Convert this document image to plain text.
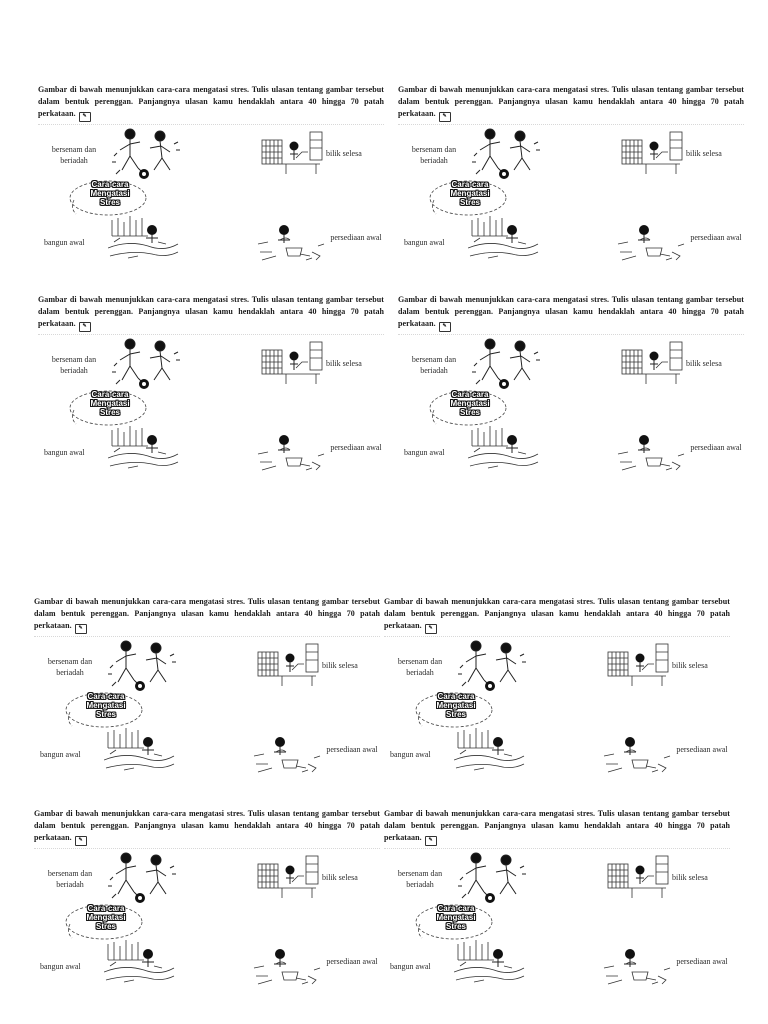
Gambar di bawah menunjukkan cara-cara mengatasi stres. Tulis ulasan tentang gambar tersebut dalam bentuk perenggan. Panjangnya ulasan kamu hendaklah antara 40 hingga 70 patah perkataan. ✎
Cara-cara
Mengatasi
Stres
bersenam dan beriadah
bilik selesa
bangun awal
persediaan awal
Gambar di bawah menunjukkan cara-cara mengatasi stres. Tulis ulasan tentang gambar tersebut dalam bentuk perenggan. Panjangnya ulasan kamu hendaklah antara 40 hingga 70 patah perkataan. ✎
Cara-cara
Mengatasi
Stres
bersenam dan beriadah
bilik selesa
bangun awal
persediaan awal
Gambar di bawah menunjukkan cara-cara mengatasi stres. Tulis ulasan tentang gambar tersebut dalam bentuk perenggan. Panjangnya ulasan kamu hendaklah antara 40 hingga 70 patah perkataan. ✎
Cara-cara
Mengatasi
Stres
bersenam dan beriadah
bilik selesa
bangun awal
persediaan awal
Gambar di bawah menunjukkan cara-cara mengatasi stres. Tulis ulasan tentang gambar tersebut dalam bentuk perenggan. Panjangnya ulasan kamu hendaklah antara 40 hingga 70 patah perkataan. ✎
Cara-cara
Mengatasi
Stres
bersenam dan beriadah
bilik selesa
bangun awal
persediaan awal
Gambar di bawah menunjukkan cara-cara mengatasi stres. Tulis ulasan tentang gambar tersebut dalam bentuk perenggan. Panjangnya ulasan kamu hendaklah antara 40 hingga 70 patah perkataan. ✎
Cara-cara
Mengatasi
Stres
bersenam dan beriadah
bilik selesa
bangun awal
persediaan awal
Gambar di bawah menunjukkan cara-cara mengatasi stres. Tulis ulasan tentang gambar tersebut dalam bentuk perenggan. Panjangnya ulasan kamu hendaklah antara 40 hingga 70 patah perkataan. ✎
Cara-cara
Mengatasi
Stres
bersenam dan beriadah
bilik selesa
bangun awal
persediaan awal
Gambar di bawah menunjukkan cara-cara mengatasi stres. Tulis ulasan tentang gambar tersebut dalam bentuk perenggan. Panjangnya ulasan kamu hendaklah antara 40 hingga 70 patah perkataan. ✎
Cara-cara
Mengatasi
Stres
bersenam dan beriadah
bilik selesa
bangun awal
persediaan awal
Gambar di bawah menunjukkan cara-cara mengatasi stres. Tulis ulasan tentang gambar tersebut dalam bentuk perenggan. Panjangnya ulasan kamu hendaklah antara 40 hingga 70 patah perkataan. ✎
Cara-cara
Mengatasi
Stres
bersenam dan beriadah
bilik selesa
bangun awal
persediaan awal
